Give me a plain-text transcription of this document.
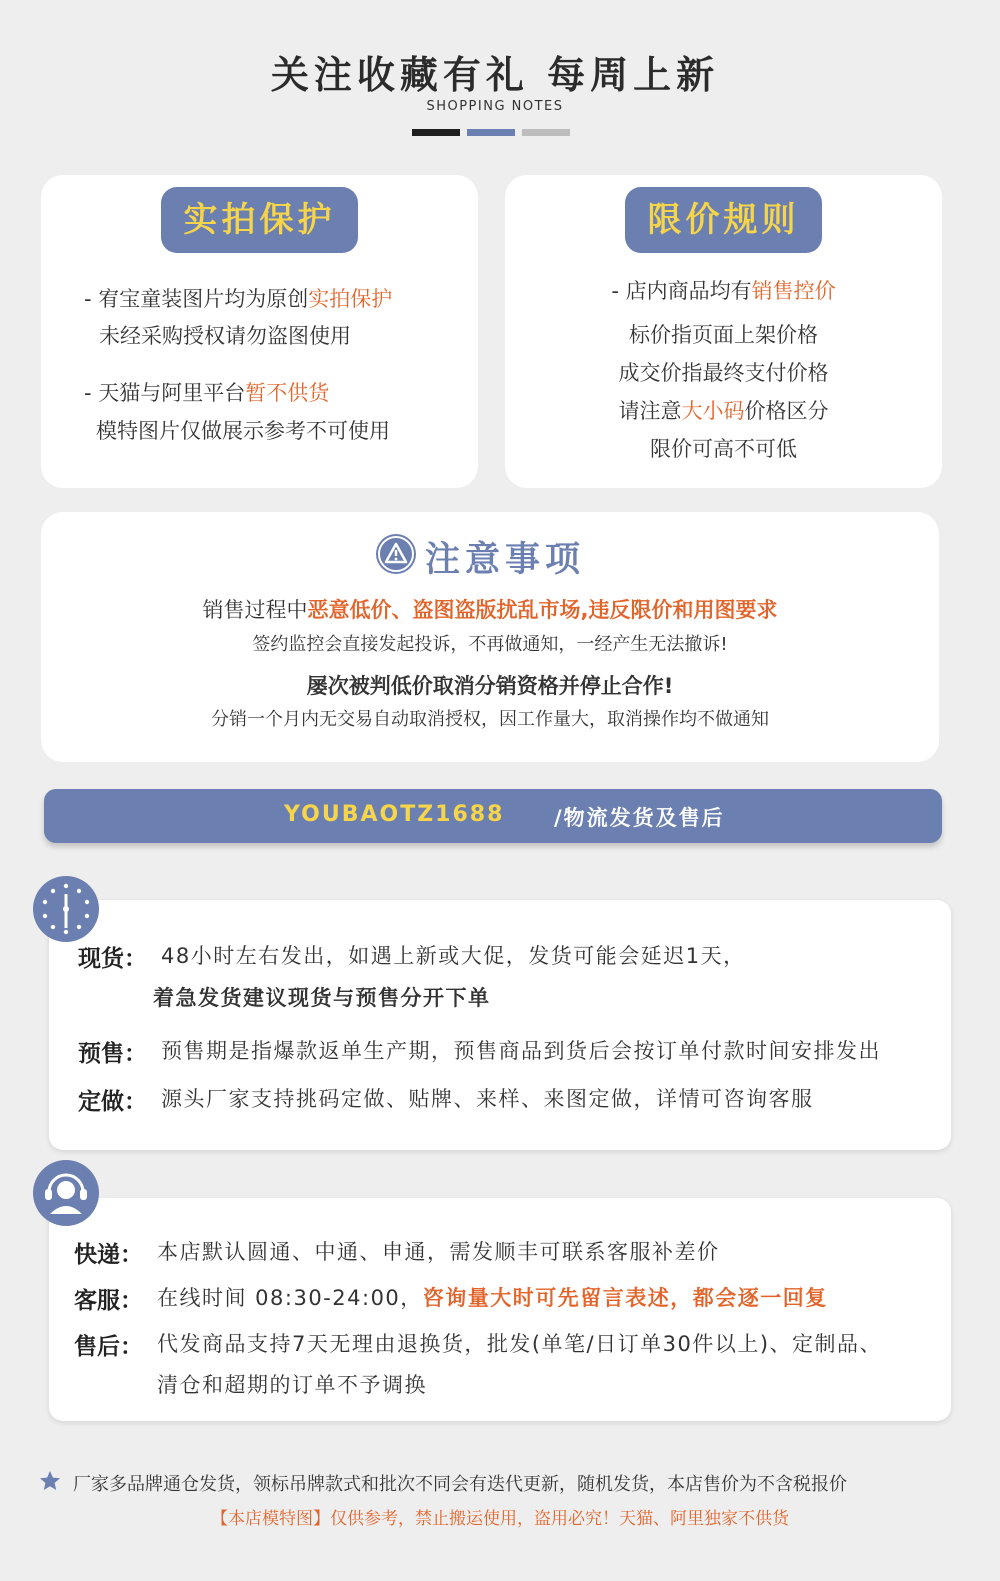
关注收藏有礼 每周上新
SHOPPING NOTES
实拍保护
- 宥宝童装图片均为原创实拍保护
未经采购授权请勿盗图使用
- 天猫与阿里平台暂不供货
模特图片仅做展示参考不可使用
限价规则
- 店内商品均有销售控价
标价指页面上架价格
成交价指最终支付价格
请注意大小码价格区分
限价可高不可低
注意事项
销售过程中恶意低价、盗图盗版扰乱市场,违反限价和用图要求
签约监控会直接发起投诉，不再做通知，一经产生无法撤诉!
屡次被判低价取消分销资格并停止合作!
分销一个月内无交易自动取消授权，因工作量大，取消操作均不做通知
YOUBAOTZ1688 /物流发货及售后
现货： 48小时左右发出，如遇上新或大促，发货可能会延迟1天，
着急发货建议现货与预售分开下单
预售： 预售期是指爆款返单生产期，预售商品到货后会按订单付款时间安排发出
定做： 源头厂家支持挑码定做、贴牌、来样、来图定做，详情可咨询客服
快递： 本店默认圆通、中通、申通，需发顺丰可联系客服补差价
客服： 在线时间 08:30-24:00，咨询量大时可先留言表述，都会逐一回复
售后： 代发商品支持7天无理由退换货，批发(单笔/日订单30件以上)、定制品、
清仓和超期的订单不予调换
厂家多品牌通仓发货，领标吊牌款式和批次不同会有迭代更新，随机发货，本店售价为不含税报价
【本店模特图】仅供参考，禁止搬运使用，盗用必究！天猫、阿里独家不供货
